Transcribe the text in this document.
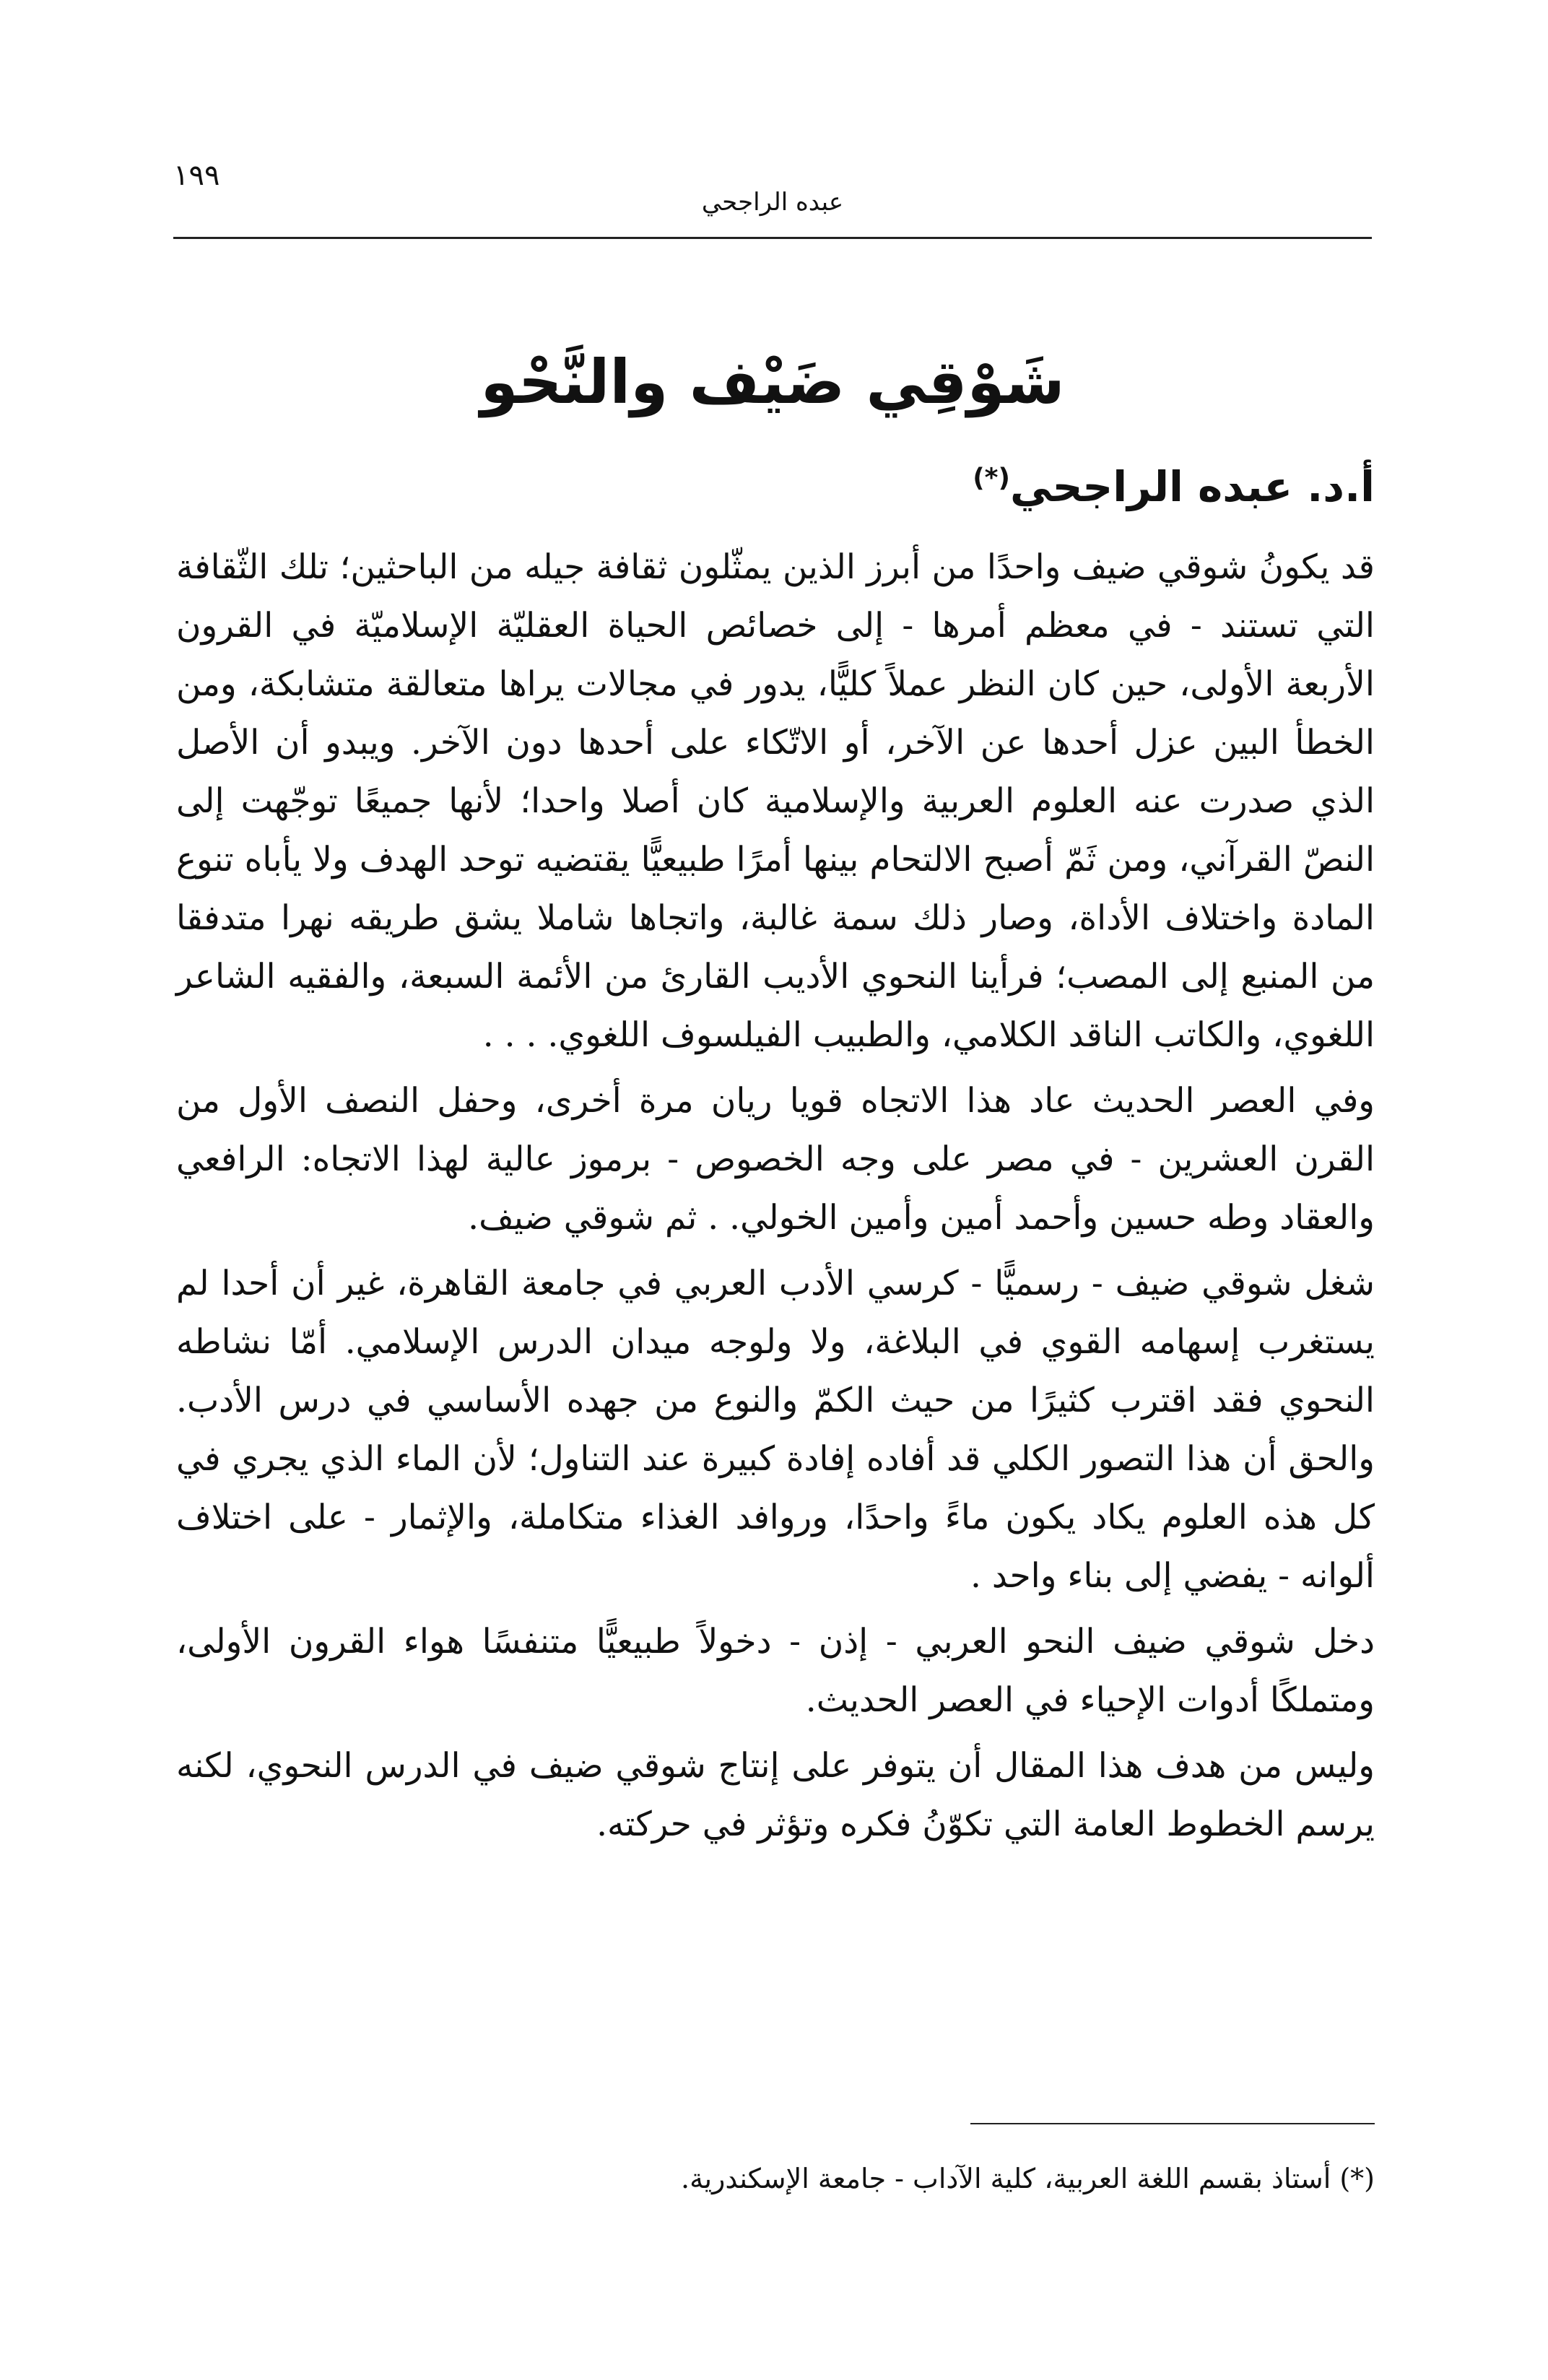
١٩٩
عبده الراجحي
شَوْقِي ضَيْف والنَّحْو
أ.د. عبده الراجحي(*)

قد يكونُ شوقي ضيف واحدًا من أبرز الذين يمثّلون ثقافة جيله من الباحثين؛ تلك الثّقافة التي تستند - في معظم أمرها - إلى خصائص الحياة العقليّة الإسلاميّة في القرون الأربعة الأولى، حين كان النظر عملاً كليًّا، يدور في مجالات يراها متعالقة متشابكة، ومن الخطأ البين عزل أحدها عن الآخر، أو الاتّكاء على أحدها دون الآخر. ويبدو أن الأصل الذي صدرت عنه العلوم العربية والإسلامية كان أصلا واحدا؛ لأنها جميعًا توجّهت إلى النصّ القرآني، ومن ثَمّ أصبح الالتحام بينها أمرًا طبيعيًّا يقتضيه توحد الهدف ولا يأباه تنوع المادة واختلاف الأداة، وصار ذلك سمة غالبة، واتجاها شاملا يشق طريقه نهرا متدفقا من المنبع إلى المصب؛ فرأينا النحوي الأديب القارئ من الأئمة السبعة، والفقيه الشاعر اللغوي، والكاتب الناقد الكلامي، والطبيب الفيلسوف اللغوي. . . .

وفي العصر الحديث عاد هذا الاتجاه قويا ريان مرة أخرى، وحفل النصف الأول من القرن العشرين - في مصر على وجه الخصوص - برموز عالية لهذا الاتجاه: الرافعي والعقاد وطه حسين وأحمد أمين وأمين الخولي. . ثم شوقي ضيف.

شغل شوقي ضيف - رسميًّا - كرسي الأدب العربي في جامعة القاهرة، غير أن أحدا لم يستغرب إسهامه القوي في البلاغة، ولا ولوجه ميدان الدرس الإسلامي. أمّا نشاطه النحوي فقد اقترب كثيرًا من حيث الكمّ والنوع من جهده الأساسي في درس الأدب. والحق أن هذا التصور الكلي قد أفاده إفادة كبيرة عند التناول؛ لأن الماء الذي يجري في كل هذه العلوم يكاد يكون ماءً واحدًا، وروافد الغذاء متكاملة، والإثمار - على اختلاف ألوانه - يفضي إلى بناء واحد .

دخل شوقي ضيف النحو العربي - إذن - دخولاً طبيعيًّا متنفسًا هواء القرون الأولى، ومتملكًا أدوات الإحياء في العصر الحديث.

وليس من هدف هذا المقال أن يتوفر على إنتاج شوقي ضيف في الدرس النحوي، لكنه يرسم الخطوط العامة التي تكوّنُ فكره وتؤثر في حركته.

(*)أستاذ بقسم اللغة العربية، كلية الآداب - جامعة الإسكندرية.
